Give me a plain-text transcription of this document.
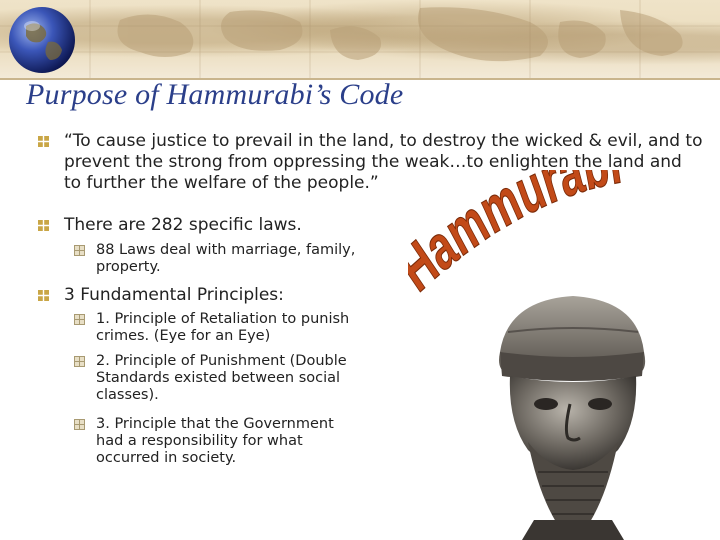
Purpose of Hammurabi’s Code
“To cause justice to prevail in the land, to destroy the wicked & evil, and to prevent the strong from oppressing the weak…to enlighten the land and to further the welfare of the people.”
There are 282 specific laws.
88 Laws deal with marriage, family, property.
3 Fundamental Principles:
1. Principle of Retaliation to punish crimes. (Eye for an Eye)
2. Principle of Punishment (Double Standards existed between social classes).
3. Principle that the Government had a responsibility for what occurred in society.
ammura
